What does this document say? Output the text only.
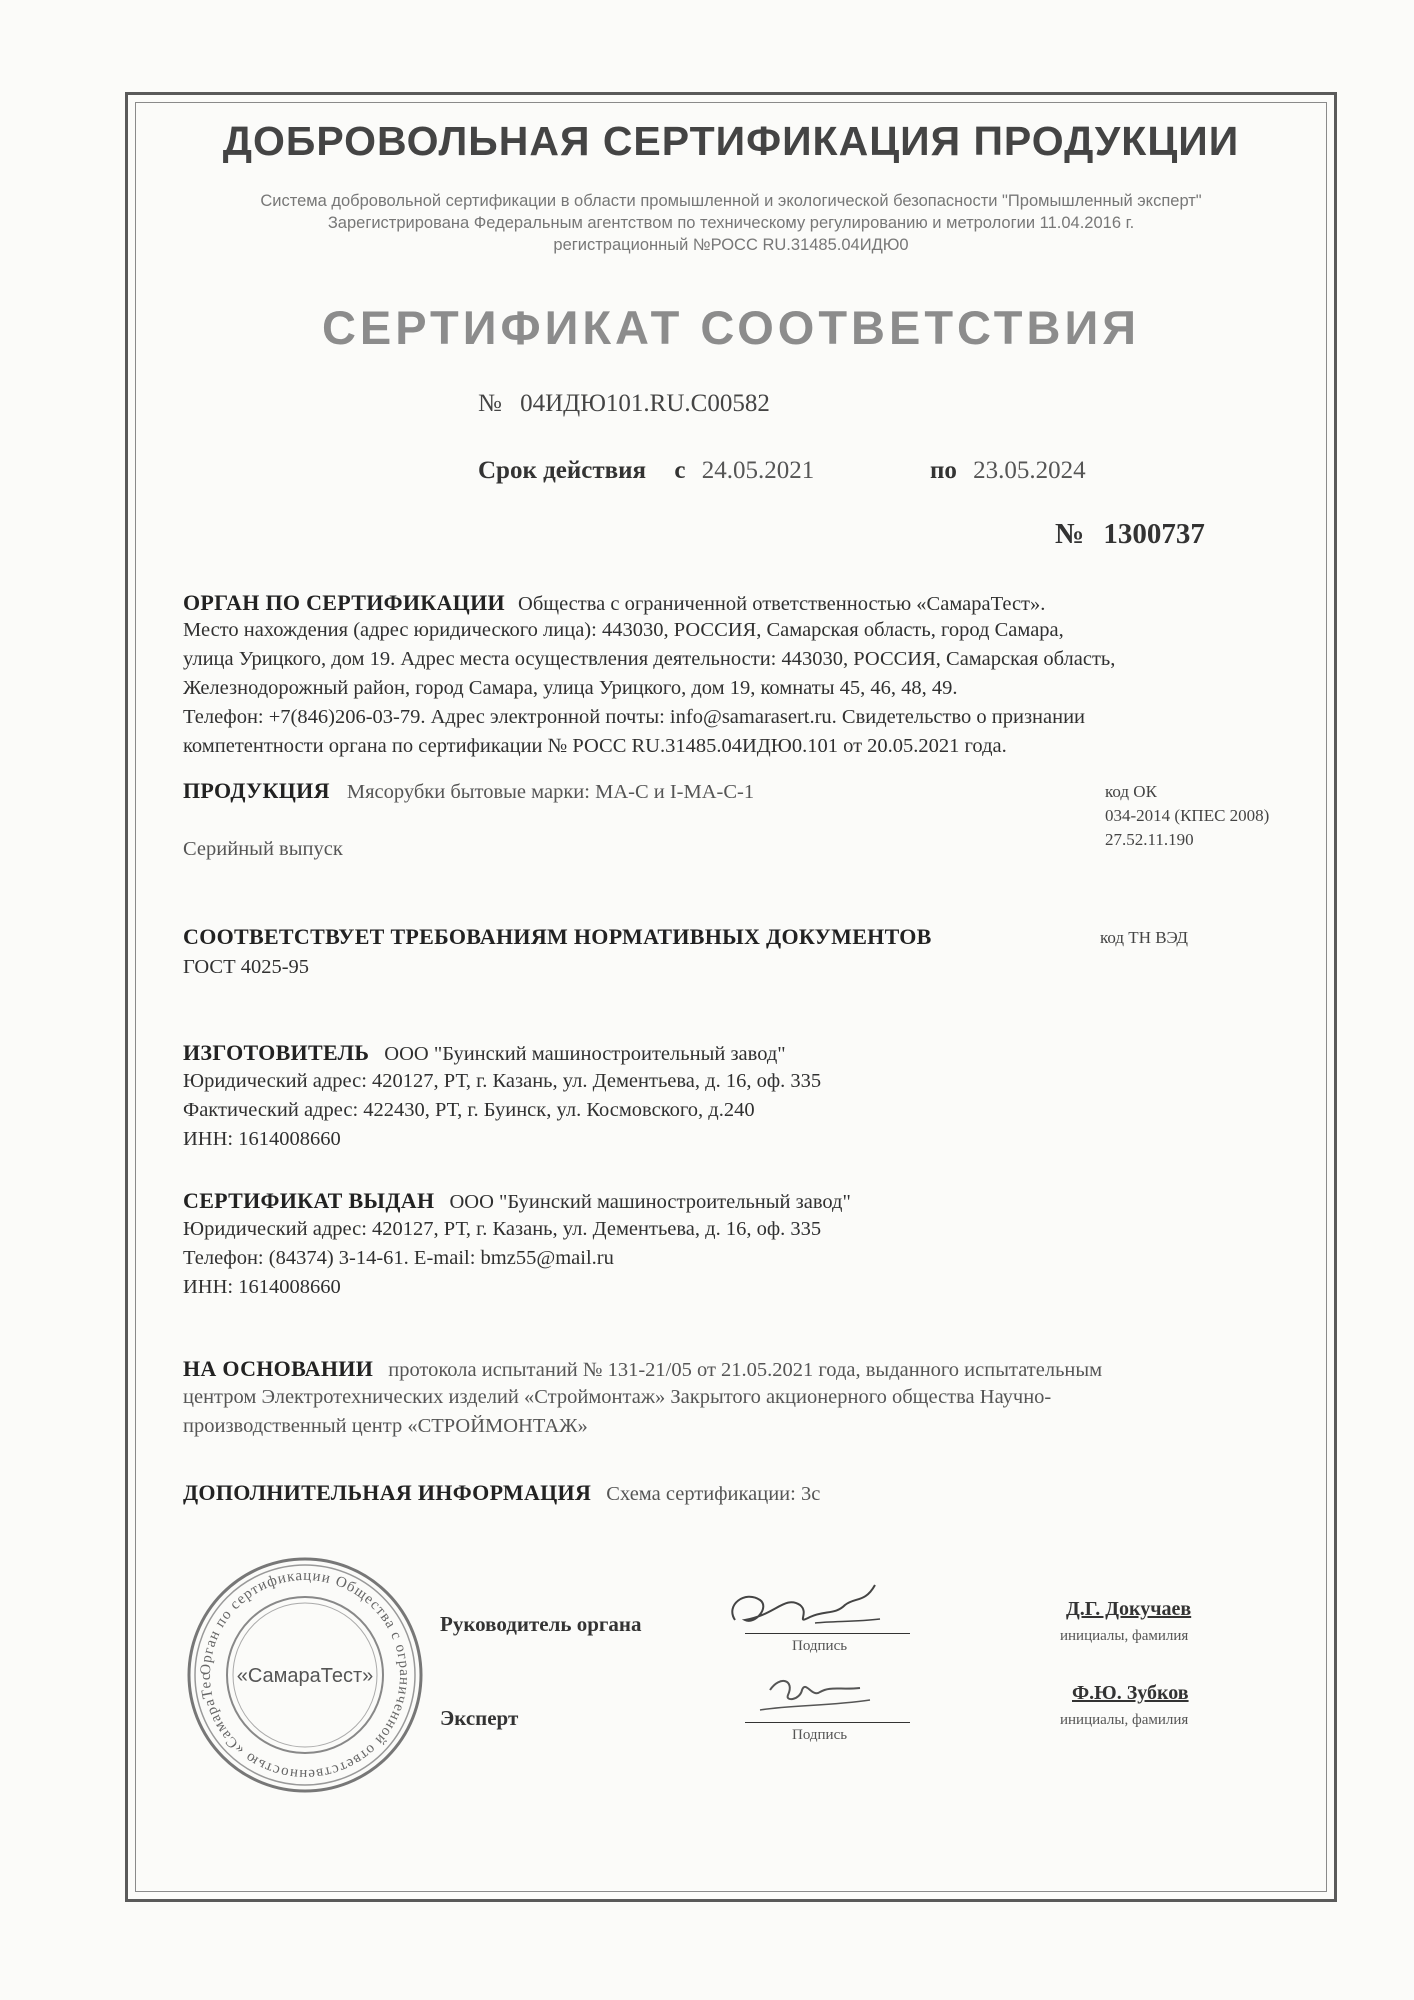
ДОБРОВОЛЬНАЯ СЕРТИФИКАЦИЯ ПРОДУКЦИИ
Система добровольной сертификации в области промышленной и экологической безопасности "Промышленный эксперт"
Зарегистрирована Федеральным агентством по техническому регулированию и метрологии 11.04.2016 г.
регистрационный №РОСС RU.31485.04ИДЮ0
СЕРТИФИКАТ СООТВЕТСТВИЯ
№ 04ИДЮ101.RU.C00582
Срок действия с 24.05.2021	по 23.05.2024
№ 1300737
ОРГАН ПО СЕРТИФИКАЦИИ Общества с ограниченной ответственностью «СамараТест».
Место нахождения (адрес юридического лица): 443030, РОССИЯ, Самарская область, город Самара,
улица Урицкого, дом 19. Адрес места осуществления деятельности: 443030, РОССИЯ, Самарская область,
Железнодорожный район, город Самара, улица Урицкого, дом 19, комнаты 45, 46, 48, 49.
Телефон: +7(846)206-03-79. Адрес электронной почты: info@samarasert.ru. Свидетельство о признании
компетентности органа по сертификации № РОСС RU.31485.04ИДЮ0.101 от 20.05.2021 года.
ПРОДУКЦИЯ Мясорубки бытовые марки: МА-С и I-МА-С-1
Серийный выпуск
код ОК
034-2014 (КПЕС 2008)
27.52.11.190
СООТВЕТСТВУЕТ ТРЕБОВАНИЯМ НОРМАТИВНЫХ ДОКУМЕНТОВ
ГОСТ 4025-95
код ТН ВЭД
ИЗГОТОВИТЕЛЬ ООО "Буинский машиностроительный завод"
Юридический адрес: 420127, РТ, г. Казань, ул. Дементьева, д. 16, оф. 335
Фактический адрес: 422430, РТ, г. Буинск, ул. Космовского, д.240
ИНН: 1614008660
СЕРТИФИКАТ ВЫДАН ООО "Буинский машиностроительный завод"
Юридический адрес: 420127, РТ, г. Казань, ул. Дементьева, д. 16, оф. 335
Телефон: (84374) 3-14-61. E-mail: bmz55@mail.ru
ИНН: 1614008660
НА ОСНОВАНИИ протокола испытаний № 131-21/05 от 21.05.2021 года, выданного испытательным
центром Электротехнических изделий «Строймонтаж» Закрытого акционерного общества Научно-
производственный центр «СТРОЙМОНТАЖ»
ДОПОЛНИТЕЛЬНАЯ ИНФОРМАЦИЯ Схема сертификации: 3с
Орган по сертификации Общества с ограниченной ответственностью «СамараТес	«СамараТест»
Руководитель органа
Подпись
Д.Г. Докучаев
инициалы, фамилия
Эксперт
Подпись
Ф.Ю. Зубков
инициалы, фамилия
